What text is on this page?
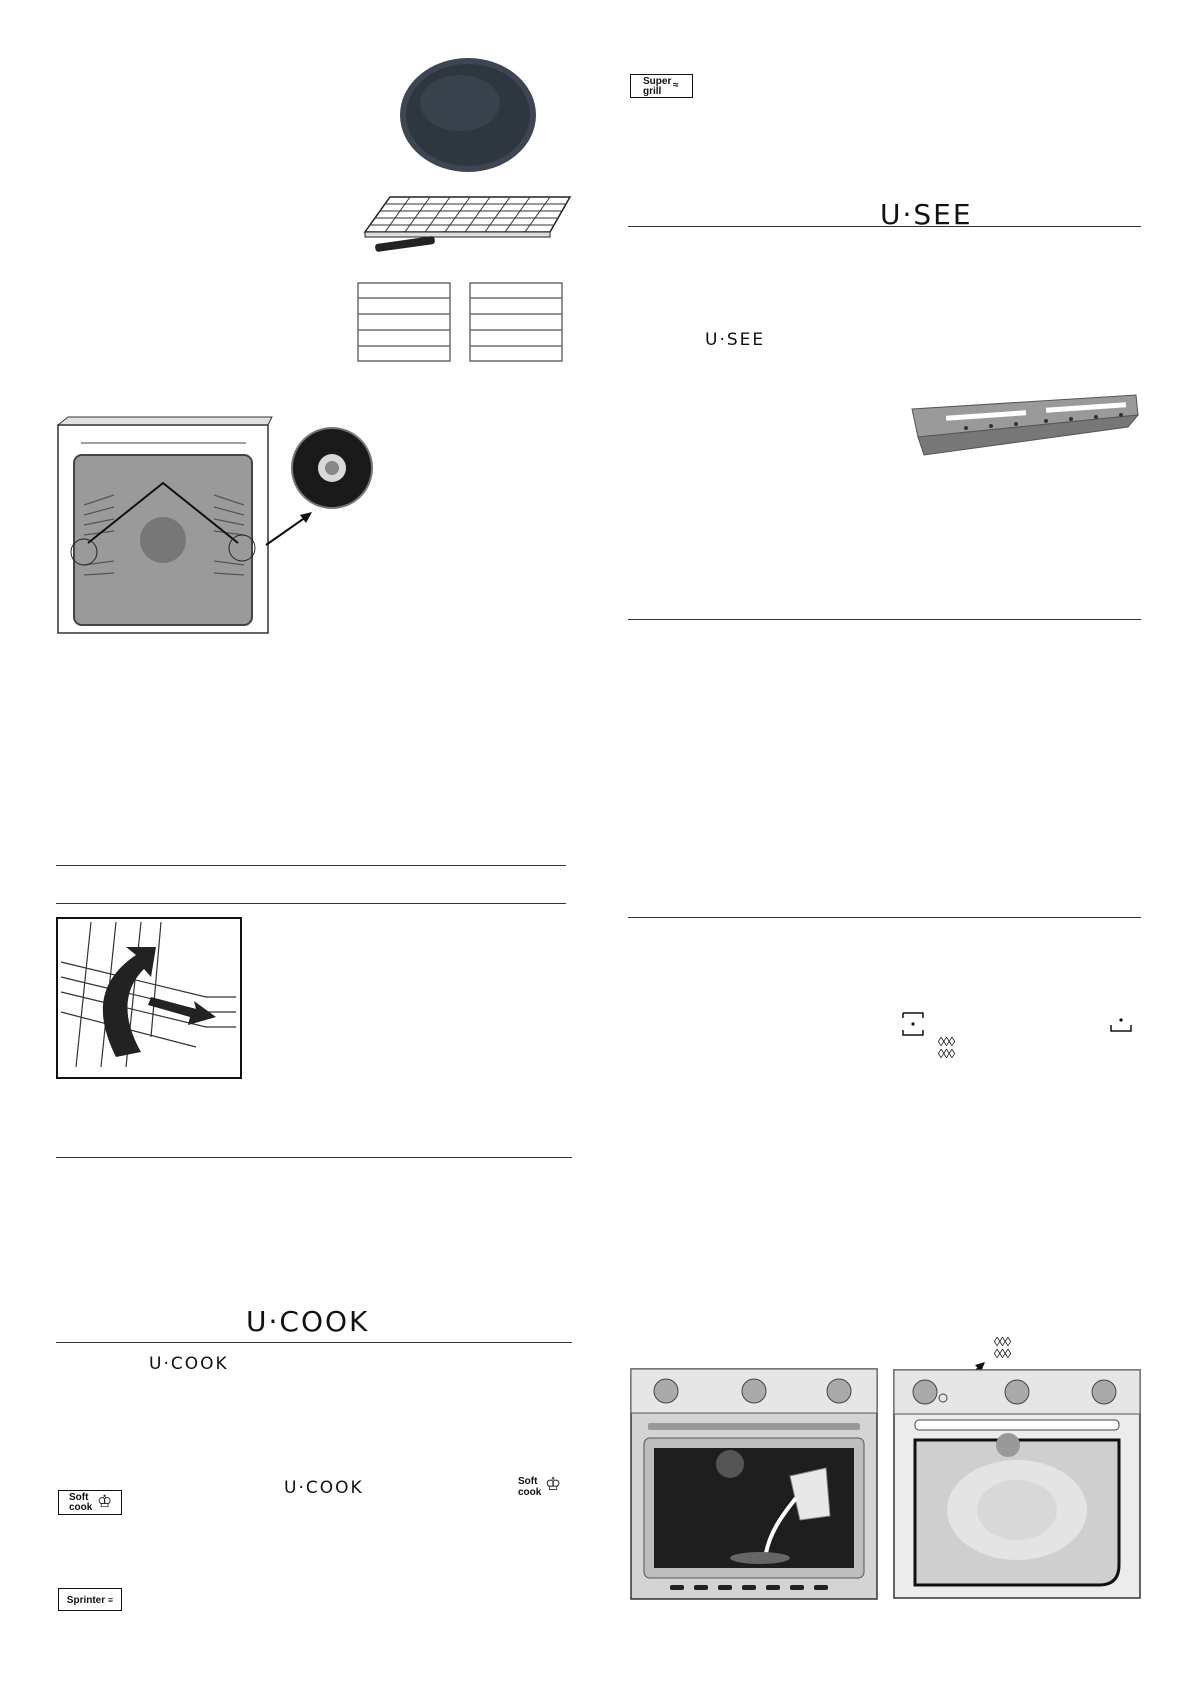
U·COOK
U·COOK
U·COOK	Soft
cook ♔
Soft
cook ♔
Sprinter ≡
Super
grill
≈
U·SEE
U·SEE
◊◊◊
◊◊◊
◊◊◊
◊◊◊
